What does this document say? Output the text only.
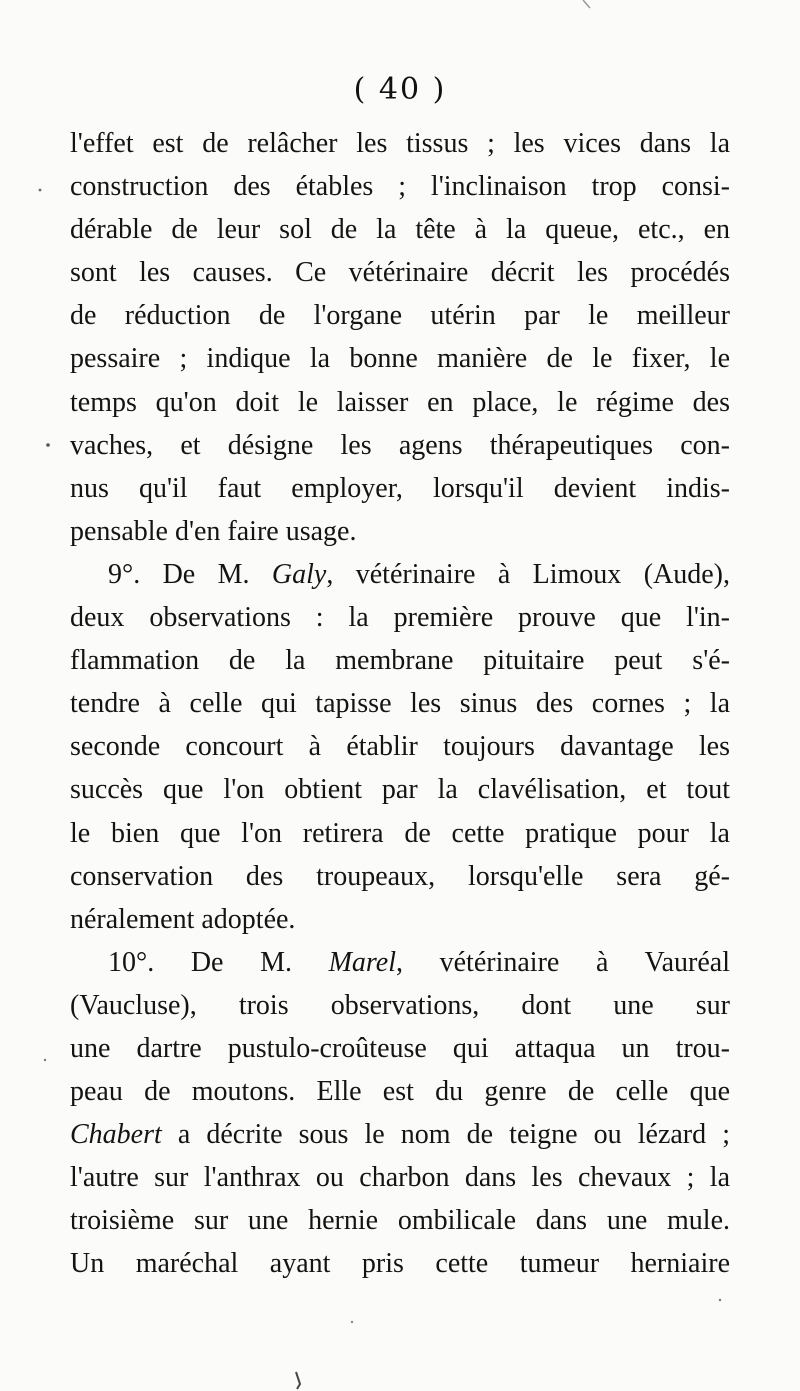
( 40 )
l'effet est de relâcher les tissus ; les vices dans la
construction des étables ; l'inclinaison trop consi-
dérable de leur sol de la tête à la queue, etc., en
sont les causes. Ce vétérinaire décrit les procédés
de réduction de l'organe utérin par le meilleur
pessaire ; indique la bonne manière de le fixer, le
temps qu'on doit le laisser en place, le régime des
vaches, et désigne les agens thérapeutiques con-
nus qu'il faut employer, lorsqu'il devient indis-
pensable d'en faire usage.
9°. De M. Galy, vétérinaire à Limoux (Aude),
deux observations : la première prouve que l'in-
flammation de la membrane pituitaire peut s'é-
tendre à celle qui tapisse les sinus des cornes ; la
seconde concourt à établir toujours davantage les
succès que l'on obtient par la clavélisation, et tout
le bien que l'on retirera de cette pratique pour la
conservation des troupeaux, lorsqu'elle sera gé-
néralement adoptée.
10°. De M. Marel, vétérinaire à Vauréal
(Vaucluse), trois observations, dont une sur
une dartre pustulo-croûteuse qui attaqua un trou-
peau de moutons. Elle est du genre de celle que
Chabert a décrite sous le nom de teigne ou lézard ;
l'autre sur l'anthrax ou charbon dans les chevaux ; la
troisième sur une hernie ombilicale dans une mule.
Un maréchal ayant pris cette tumeur herniaire
